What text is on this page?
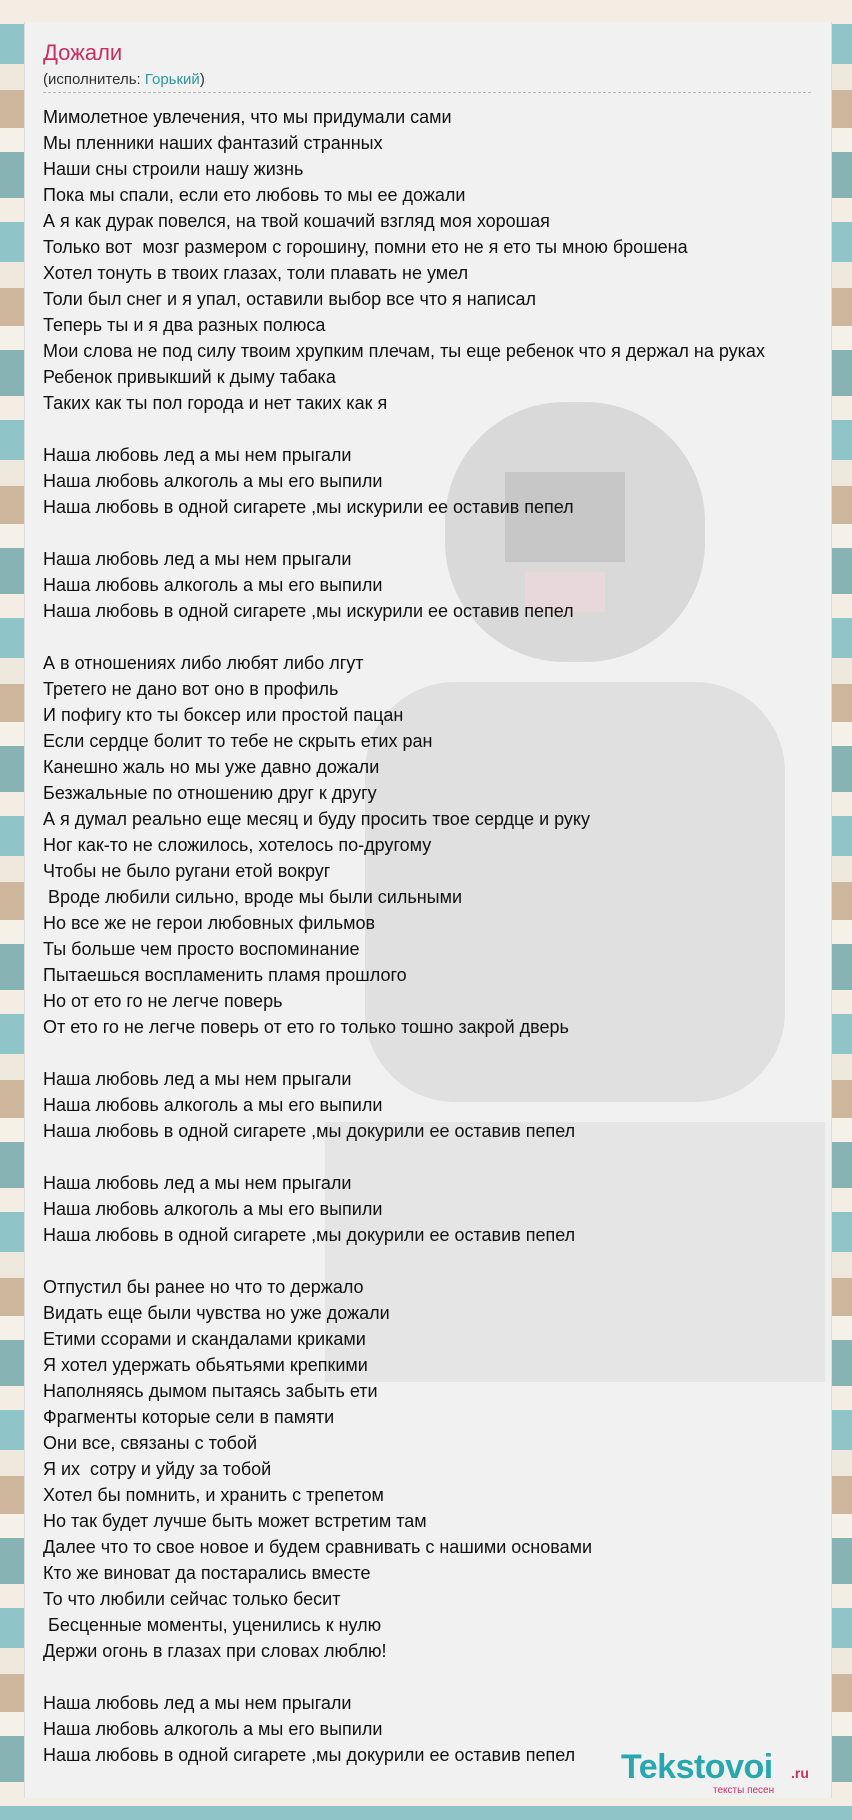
Дожали
(исполнитель: Горький)
Мимолетное увлечения, что мы придумали сами
Мы пленники наших фантазий странных
Наши сны строили нашу жизнь
Пока мы спали, если ето любовь то мы ее дожали
А я как дурак повелся, на твой кошачий взгляд моя хорошая
Только вот  мозг размером с горошину, помни ето не я ето ты мною брошена
Хотел тонуть в твоих глазах, толи плавать не умел
Толи был снег и я упал, оставили выбор все что я написал
Теперь ты и я два разных полюса
Мои слова не под силу твоим хрупким плечам, ты еще ребенок что я держал на руках
Ребенок привыкший к дыму табака
Таких как ты пол города и нет таких как я
Наша любовь лед а мы нем прыгали
Наша любовь алкоголь а мы его выпили
Наша любовь в одной сигарете ,мы искурили ее оставив пепел
Наша любовь лед а мы нем прыгали
Наша любовь алкоголь а мы его выпили
Наша любовь в одной сигарете ,мы искурили ее оставив пепел
А в отношениях либо любят либо лгут
Третего не дано вот оно в профиль
И пофигу кто ты боксер или простой пацан
Если сердце болит то тебе не скрыть етих ран
Канешно жаль но мы уже давно дожали
Безжальные по отношению друг к другу
А я думал реально еще месяц и буду просить твое сердце и руку
Ног как-то не сложилось, хотелось по-другому
Чтобы не было ругани етой вокруг
Вроде любили сильно, вроде мы были сильными
Но все же не герои любовных фильмов
Ты больше чем просто воспоминание
Пытаешься воспламенить пламя прошлого
Но от ето го не легче поверь
От ето го не легче поверь от ето го только тошно закрой дверь
Наша любовь лед а мы нем прыгали
Наша любовь алкоголь а мы его выпили
Наша любовь в одной сигарете ,мы докурили ее оставив пепел
Наша любовь лед а мы нем прыгали
Наша любовь алкоголь а мы его выпили
Наша любовь в одной сигарете ,мы докурили ее оставив пепел
Отпустил бы ранее но что то держало
Видать еще были чувства но уже дожали
Етими ссорами и скандалами криками
Я хотел удержать обьятьями крепкими
Наполняясь дымом пытаясь забыть ети
Фрагменты которые сели в памяти
Они все, связаны с тобой
Я их  сотру и уйду за тобой
Хотел бы помнить, и хранить с трепетом
Но так будет лучше быть может встретим там
Далее что то свое новое и будем сравнивать с нашими основами
Кто же виноват да постарались вместе
То что любили сейчас только бесит
Бесценные моменты, уценились к нулю
Держи огонь в глазах при словах люблю!
Наша любовь лед а мы нем прыгали
Наша любовь алкоголь а мы его выпили
Наша любовь в одной сигарете ,мы докурили ее оставив пепел	Tekstovoi .ru
тексты песен
